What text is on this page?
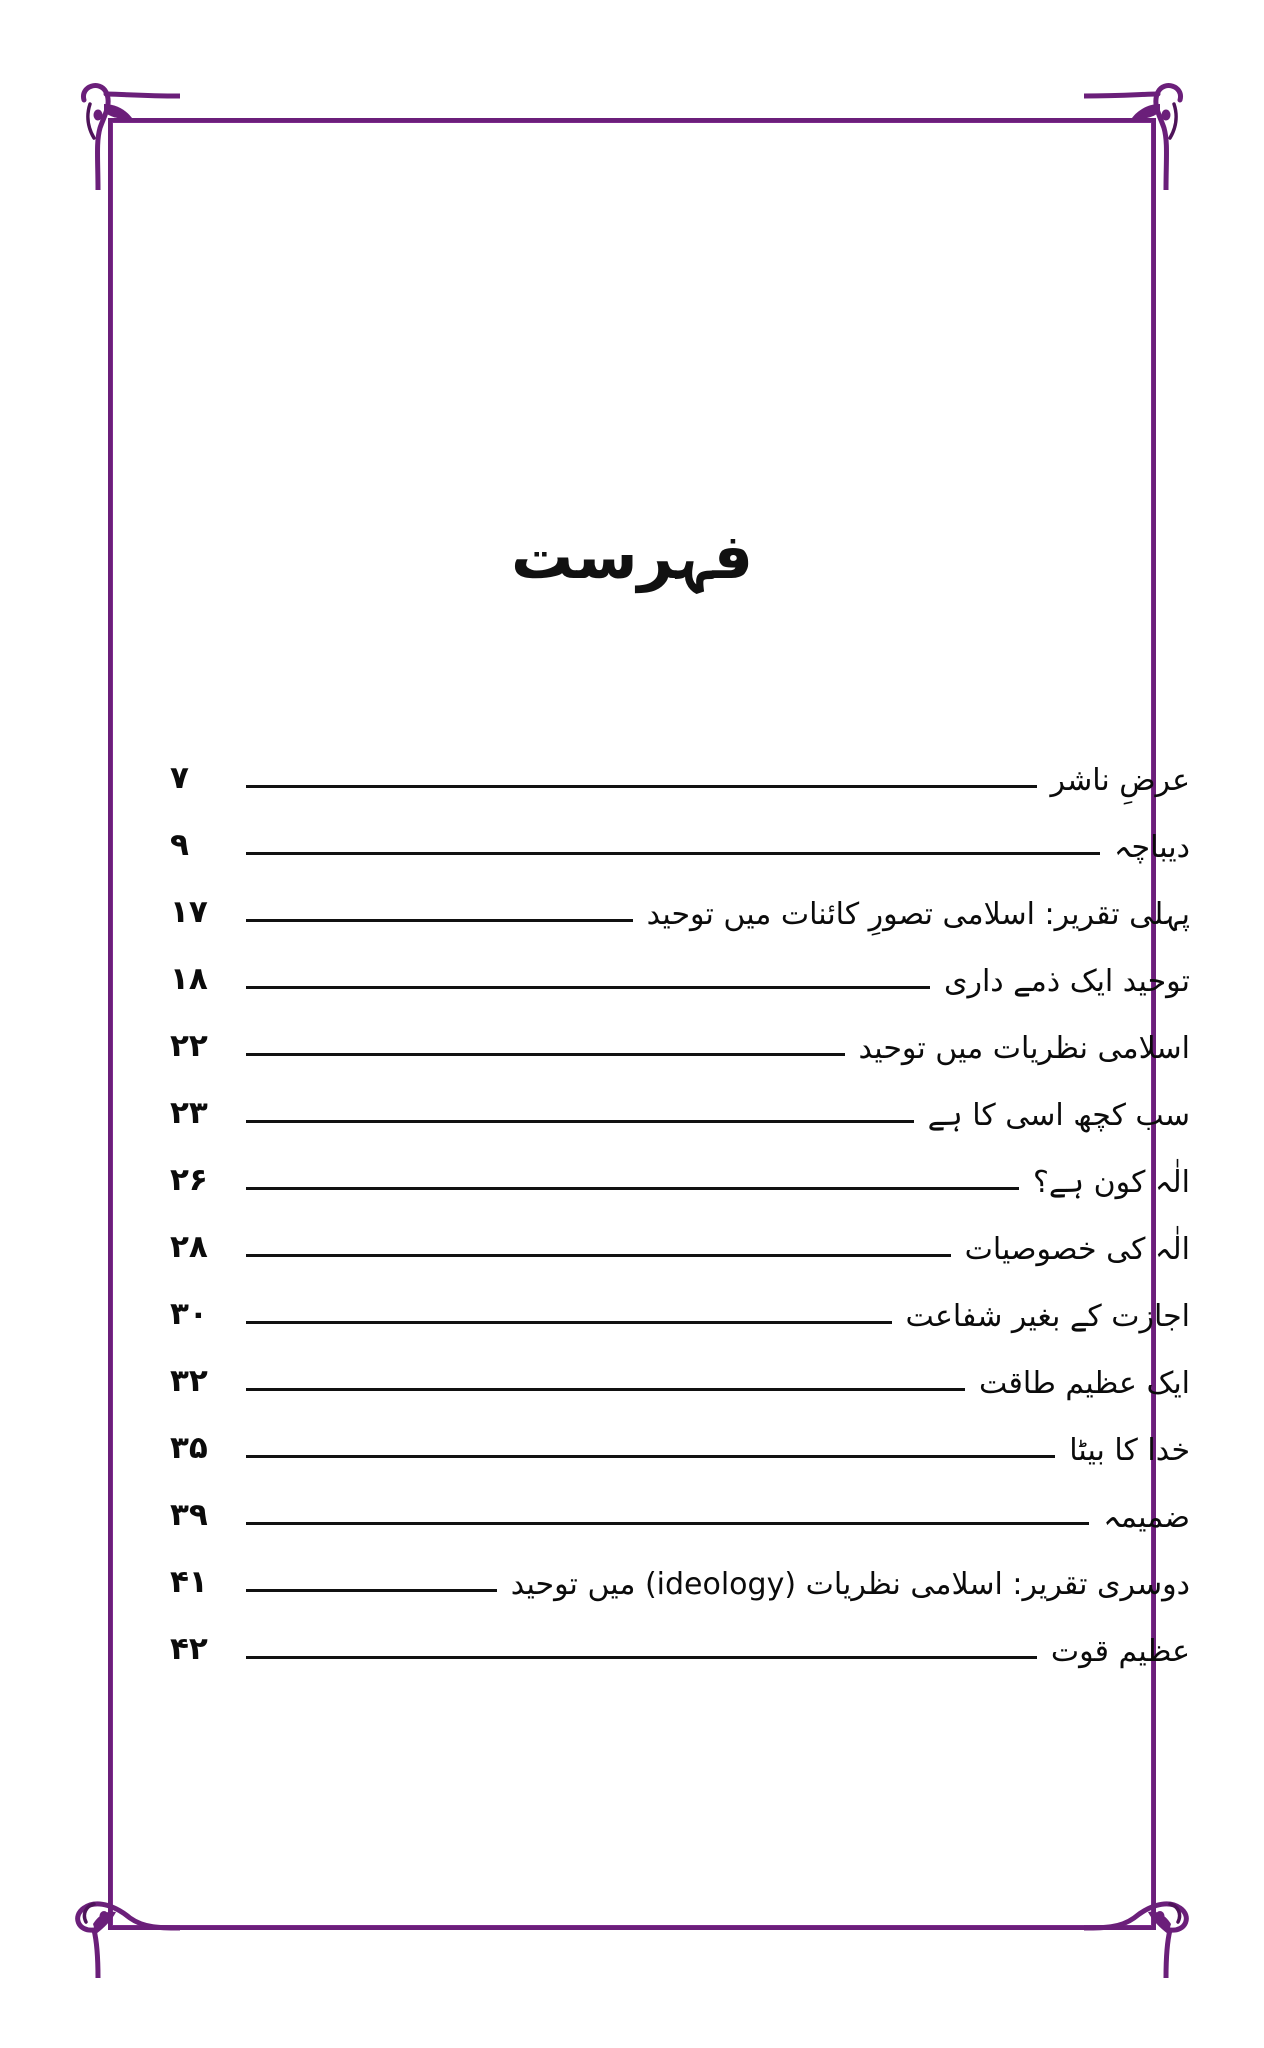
فہرست
عرضِ ناشر
۷
دیباچہ
۹
پہلی تقریر: اسلامی تصورِ کائنات میں توحید
۱۷
توحید ایک ذمے داری
۱۸
اسلامی نظریات میں توحید
۲۲
سب کچھ اسی کا ہے
۲۳
الٰہ کون ہے؟
۲۶
الٰہ کی خصوصیات
۲۸
اجازت کے بغیر شفاعت
۳۰
ایک عظیم طاقت
۳۲
خدا کا بیٹا
۳۵
ضمیمہ
۳۹
دوسری تقریر: اسلامی نظریات (ideology) میں توحید
۴۱
عظیم قوت
۴۲
